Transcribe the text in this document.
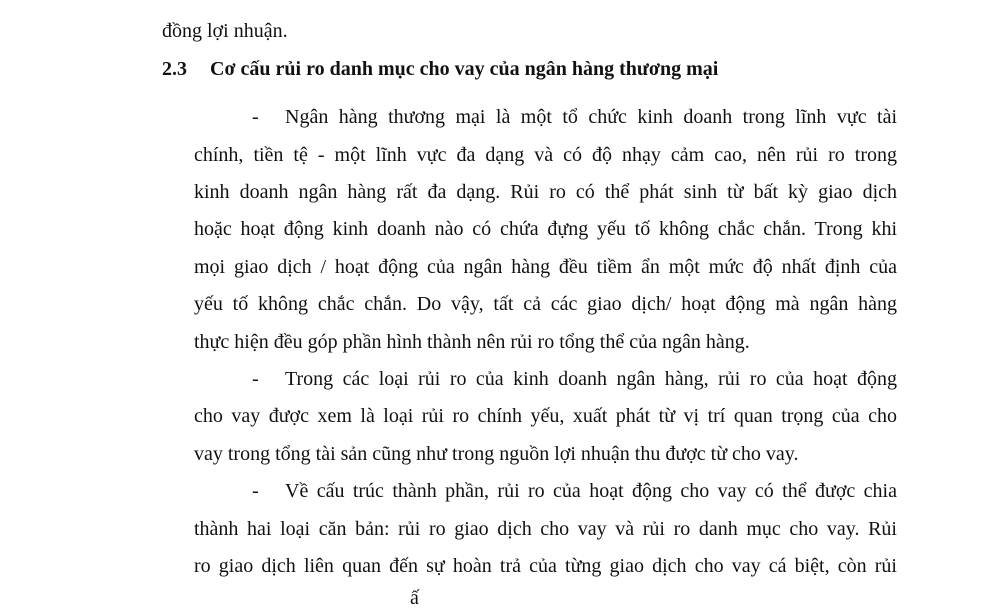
đồng lợi nhuận.
2.3 Cơ cấu rủi ro danh mục cho vay của ngân hàng thương mại
- Ngân hàng thương mại là một tổ chức kinh doanh trong lĩnh vực tài
chính, tiền tệ - một lĩnh vực đa dạng và có độ nhạy cảm cao, nên rủi ro trong
kinh doanh ngân hàng rất đa dạng. Rủi ro có thể phát sinh từ bất kỳ giao dịch
hoặc hoạt động kinh doanh nào có chứa đựng yếu tố không chắc chắn. Trong khi
mọi giao dịch / hoạt động của ngân hàng đều tiềm ẩn một mức độ nhất định của
yếu tố không chắc chắn. Do vậy, tất cả các giao dịch/ hoạt động mà ngân hàng
thực hiện đều góp phần hình thành nên rủi ro tổng thể của ngân hàng.
- Trong các loại rủi ro của kinh doanh ngân hàng, rủi ro của hoạt động
cho vay được xem là loại rủi ro chính yếu, xuất phát từ vị trí quan trọng của cho
vay trong tổng tài sản cũng như trong nguồn lợi nhuận thu được từ cho vay.
- Về cấu trúc thành phần, rủi ro của hoạt động cho vay có thể được chia
thành hai loại căn bản: rủi ro giao dịch cho vay và rủi ro danh mục cho vay. Rủi
ro giao dịch liên quan đến sự hoàn trả của từng giao dịch cho vay cá biệt, còn rủi
ấ
